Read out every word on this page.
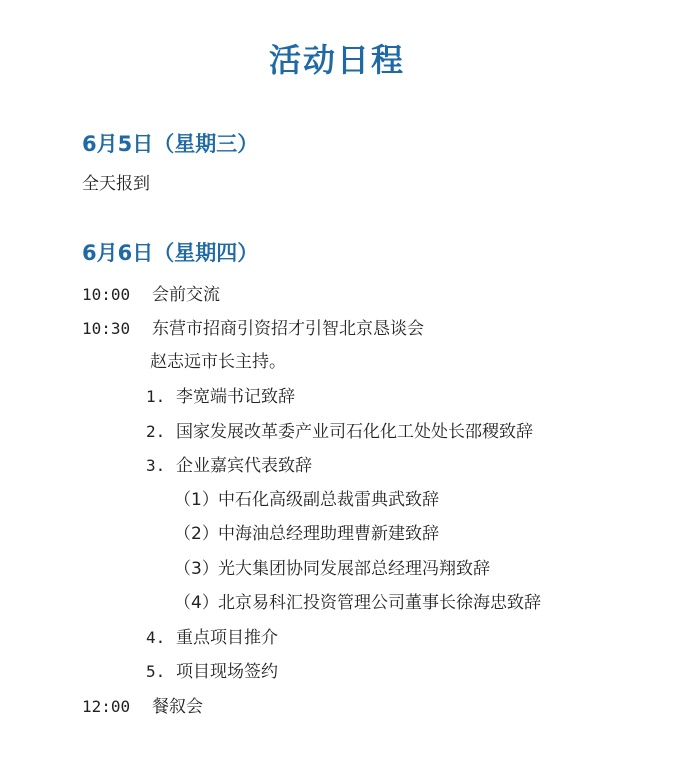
活动日程
6月5日（星期三）
全天报到
6月6日（星期四）
10:00 会前交流
10:30 东营市招商引资招才引智北京恳谈会
赵志远市长主持。
1. 李宽端书记致辞
2. 国家发展改革委产业司石化化工处处长邵稷致辞
3. 企业嘉宾代表致辞
（1）中石化高级副总裁雷典武致辞
（2）中海油总经理助理曹新建致辞
（3）光大集团协同发展部总经理冯翔致辞
（4）北京易科汇投资管理公司董事长徐海忠致辞
4. 重点项目推介
5. 项目现场签约
12:00 餐叙会
